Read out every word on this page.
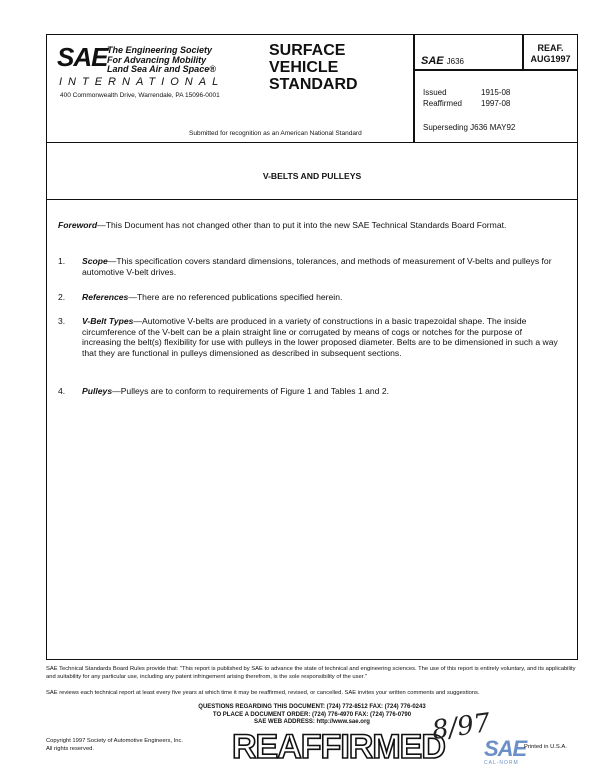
SAE The Engineering Society
For Advancing Mobility
Land Sea Air and Space®
INTERNATIONAL
400 Commonwealth Drive, Warrendale, PA 15096-0001
SURFACE
VEHICLE
STANDARD
Submitted for recognition as an American National Standard
SAE J636
REAF.
AUG1997
Issued	1915-08
Reaffirmed 1997-08
Superseding J636 MAY92
V-BELTS AND PULLEYS
Foreword—This Document has not changed other than to put it into the new SAE Technical Standards Board Format.
1. Scope—This specification covers standard dimensions, tolerances, and methods of measurement of V-belts and pulleys for automotive V-belt drives.
2. References—There are no referenced publications specified herein.
3. V-Belt Types—Automotive V-belts are produced in a variety of constructions in a basic trapezoidal shape. The inside circumference of the V-belt can be a plain straight line or corrugated by means of cogs or notches for the purpose of increasing the belt(s) flexibility for use with pulleys in the lower proposed diameter. Belts are to be dimensioned in such a way that they are functional in pulleys dimensioned as described in subsequent sections.
4. Pulleys—Pulleys are to conform to requirements of Figure 1 and Tables 1 and 2.
SAE Technical Standards Board Rules provide that: "This report is published by SAE to advance the state of technical and engineering sciences. The use of this report is entirely voluntary, and its applicability and suitability for any particular use, including any patent infringement arising therefrom, is the sole responsibility of the user."
SAE reviews each technical report at least every five years at which time it may be reaffirmed, revised, or cancelled. SAE invites your written comments and suggestions.
QUESTIONS REGARDING THIS DOCUMENT: (724) 772-8512 FAX: (724) 776-0243
TO PLACE A DOCUMENT ORDER: (724) 776-4970 FAX: (724) 776-0790
SAE WEB ADDRESS: http://www.sae.org
Copyright 1997 Society of Automotive Engineers, Inc.
All rights reserved.	REAFFIRMED
8/97
SAE
CAL-NORM
Printed in U.S.A.
